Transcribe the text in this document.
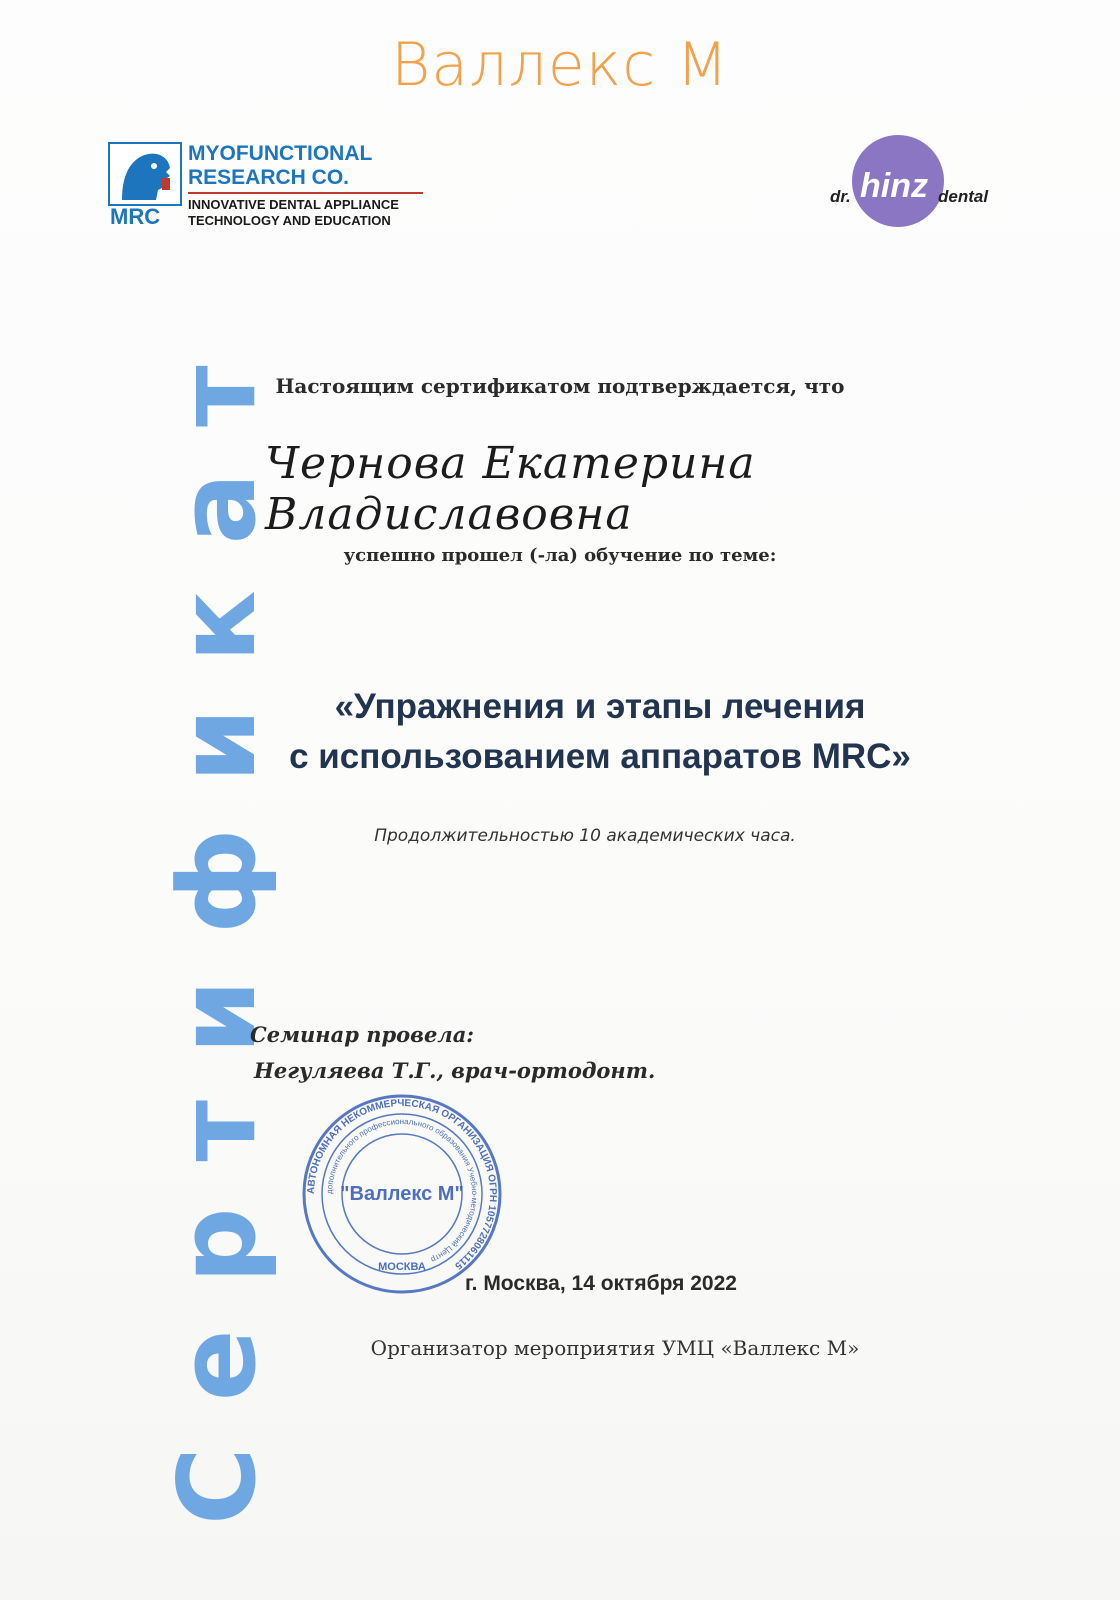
Валлекс М
MRC
MYOFUNCTIONAL
RESEARCH CO.
INNOVATIVE DENTAL APPLIANCE
TECHNOLOGY AND EDUCATION
dr. hinz dental
Сертификат
Настоящим сертификатом подтверждается, что
Чернова Екатерина Владиславовна
успешно прошел (-ла) обучение по теме:
«Упражнения и этапы лечения
с использованием аппаратов MRC»
Продолжительностью 10 академических часа.
Семинар провела:
Негуляева Т.Г., врач-ортодонт.
АВТОНОМНАЯ НЕКОММЕРЧЕСКАЯ ОРГАНИЗАЦИЯ ОГРН 1057728061115
дополнительного профессионального образования Учебно-методический Центр
"Валлекс М"
МОСКВА
г. Москва, 14 октября 2022
Организатор мероприятия УМЦ «Валлекс М»
